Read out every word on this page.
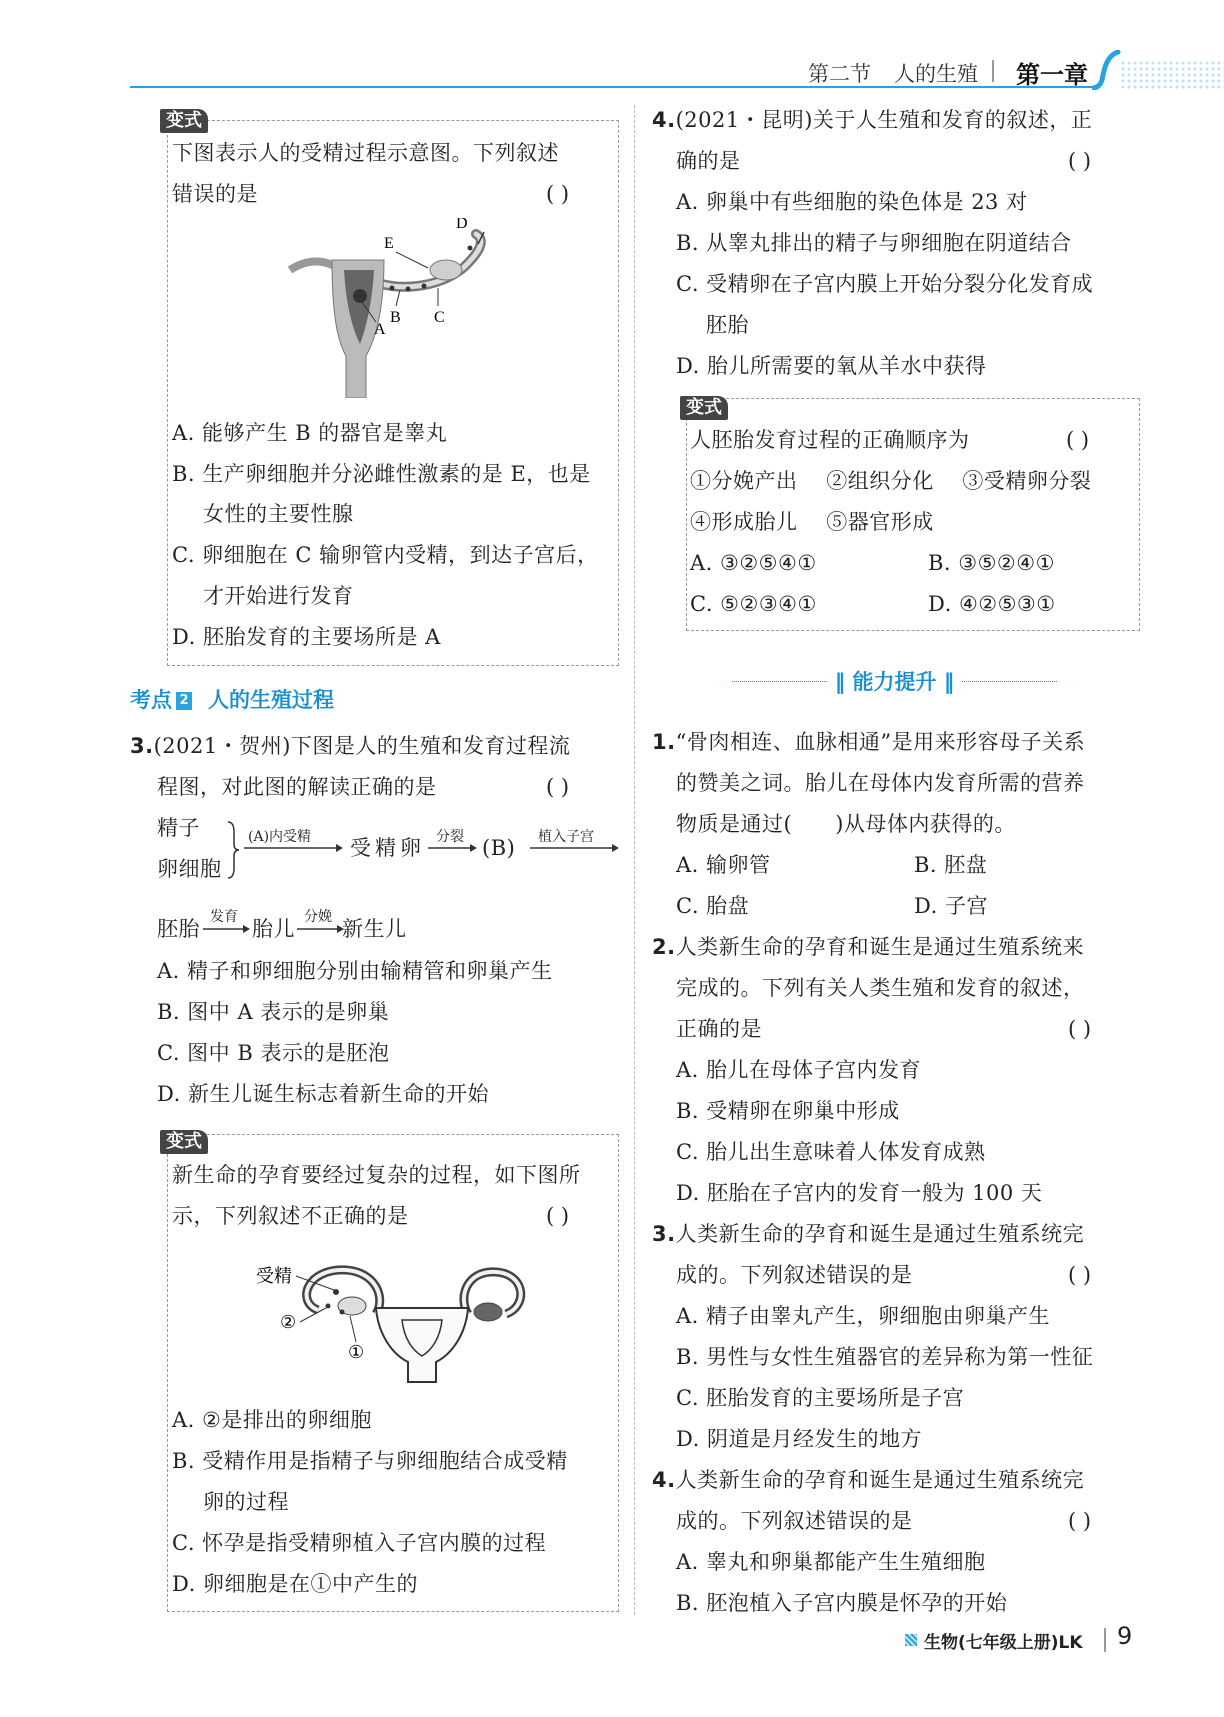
第二节 人的生殖 第一章
变式
下图表示人的受精过程示意图。下列叙述
错误的是	( )
D
E
B C
A
A. 能够产生 B 的器官是睾丸
B. 生产卵细胞并分泌雌性激素的是 E，也是
女性的主要性腺
C. 卵细胞在 C 输卵管内受精，到达子宫后，
才开始进行发育
D. 胚胎发育的主要场所是 A
考点 2 人的生殖过程
3.(2021・贺州)下图是人的生殖和发育过程流
程图，对此图的解读正确的是	( )
精子
卵细胞
(A)内受精 受精卵 分裂 (B) 植入子宫
胚胎 发育 胎儿 分娩 新生儿
A. 精子和卵细胞分别由输精管和卵巢产生
B. 图中 A 表示的是卵巢
C. 图中 B 表示的是胚泡
D. 新生儿诞生标志着新生命的开始
变式
新生命的孕育要经过复杂的过程，如下图所
示，下列叙述不正确的是	( )
受精
②
①
A. ②是排出的卵细胞
B. 受精作用是指精子与卵细胞结合成受精
卵的过程
C. 怀孕是指受精卵植入子宫内膜的过程
D. 卵细胞是在①中产生的
4.(2021・昆明)关于人生殖和发育的叙述，正
确的是	( )
A. 卵巢中有些细胞的染色体是 23 对
B. 从睾丸排出的精子与卵细胞在阴道结合
C. 受精卵在子宫内膜上开始分裂分化发育成
胚胎
D. 胎儿所需要的氧从羊水中获得
变式
人胚胎发育过程的正确顺序为	( )
①分娩产出    ②组织分化    ③受精卵分裂
④形成胎儿    ⑤器官形成
A. ③②⑤④①	B. ③⑤②④①
C. ⑤②③④①	D. ④②⑤③①
‖ 能力提升 ‖
1.“骨肉相连、血脉相通”是用来形容母子关系
的赞美之词。胎儿在母体内发育所需的营养
物质是通过(      )从母体内获得的。
A. 输卵管	B. 胚盘
C. 胎盘	D. 子宫
2.人类新生命的孕育和诞生是通过生殖系统来
完成的。下列有关人类生殖和发育的叙述，
正确的是	( )
A. 胎儿在母体子宫内发育
B. 受精卵在卵巢中形成
C. 胎儿出生意味着人体发育成熟
D. 胚胎在子宫内的发育一般为 100 天
3.人类新生命的孕育和诞生是通过生殖系统完
成的。下列叙述错误的是	( )
A. 精子由睾丸产生，卵细胞由卵巢产生
B. 男性与女性生殖器官的差异称为第一性征
C. 胚胎发育的主要场所是子宫
D. 阴道是月经发生的地方
4.人类新生命的孕育和诞生是通过生殖系统完
成的。下列叙述错误的是	( )
A. 睾丸和卵巢都能产生生殖细胞
B. 胚泡植入子宫内膜是怀孕的开始
生物(七年级上册)LK 9
